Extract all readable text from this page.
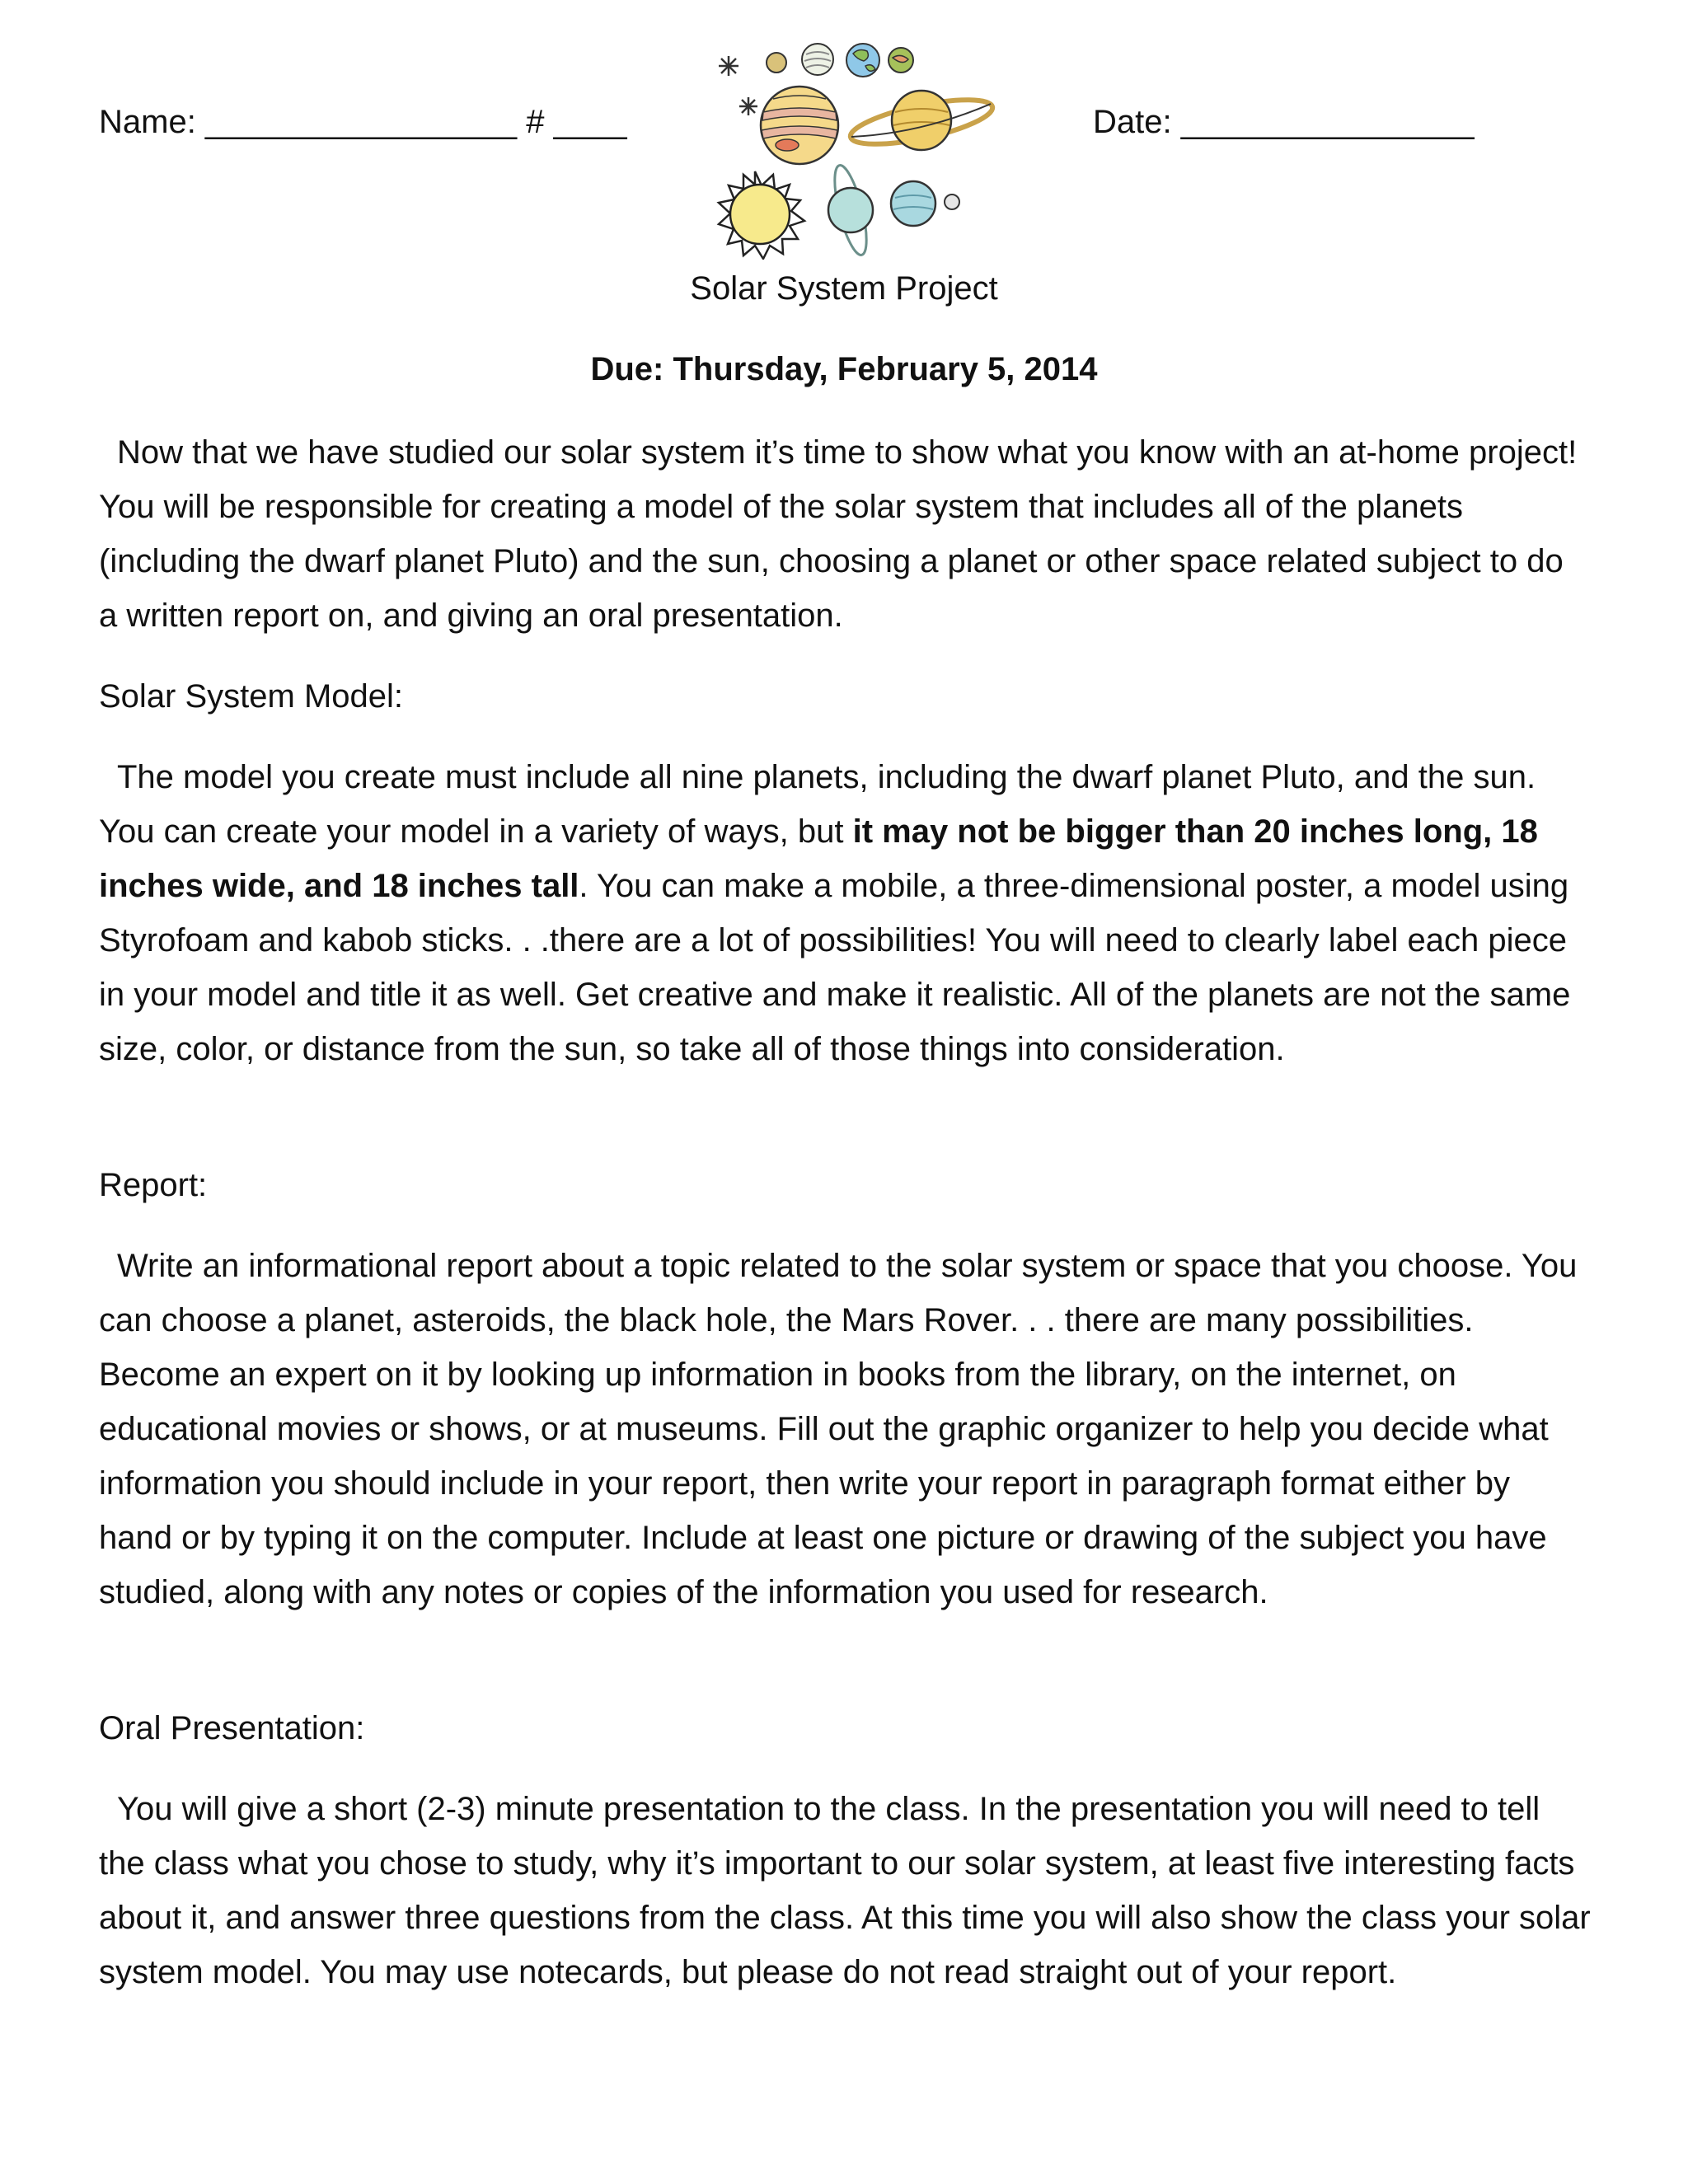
Name: _________________ # ____	Date: ________________
Solar System Project
Due: Thursday, February 5, 2014

Now that we have studied our solar system it’s time to show what you know with an at-home project! You will be responsible for creating a model of the solar system that includes all of the planets (including the dwarf planet Pluto) and the sun, choosing a planet or other space related subject to do a written report on, and giving an oral presentation.

Solar System Model:

The model you create must include all nine planets, including the dwarf planet Pluto, and the sun. You can create your model in a variety of ways, but it may not be bigger than 20 inches long, 18 inches wide, and 18 inches tall. You can make a mobile, a three-dimensional poster, a model using Styrofoam and kabob sticks. . .there are a lot of possibilities! You will need to clearly label each piece in your model and title it as well. Get creative and make it realistic. All of the planets are not the same size, color, or distance from the sun, so take all of those things into consideration.

Report:

Write an informational report about a topic related to the solar system or space that you choose. You can choose a planet, asteroids, the black hole, the Mars Rover. . . there are many possibilities. Become an expert on it by looking up information in books from the library, on the internet, on educational movies or shows, or at museums. Fill out the graphic organizer to help you decide what information you should include in your report, then write your report in paragraph format either by hand or by typing it on the computer. Include at least one picture or drawing of the subject you have studied, along with any notes or copies of the information you used for research.

Oral Presentation:

You will give a short (2-3) minute presentation to the class. In the presentation you will need to tell the class what you chose to study, why it’s important to our solar system, at least five interesting facts about it, and answer three questions from the class. At this time you will also show the class your solar system model. You may use notecards, but please do not read straight out of your report.
